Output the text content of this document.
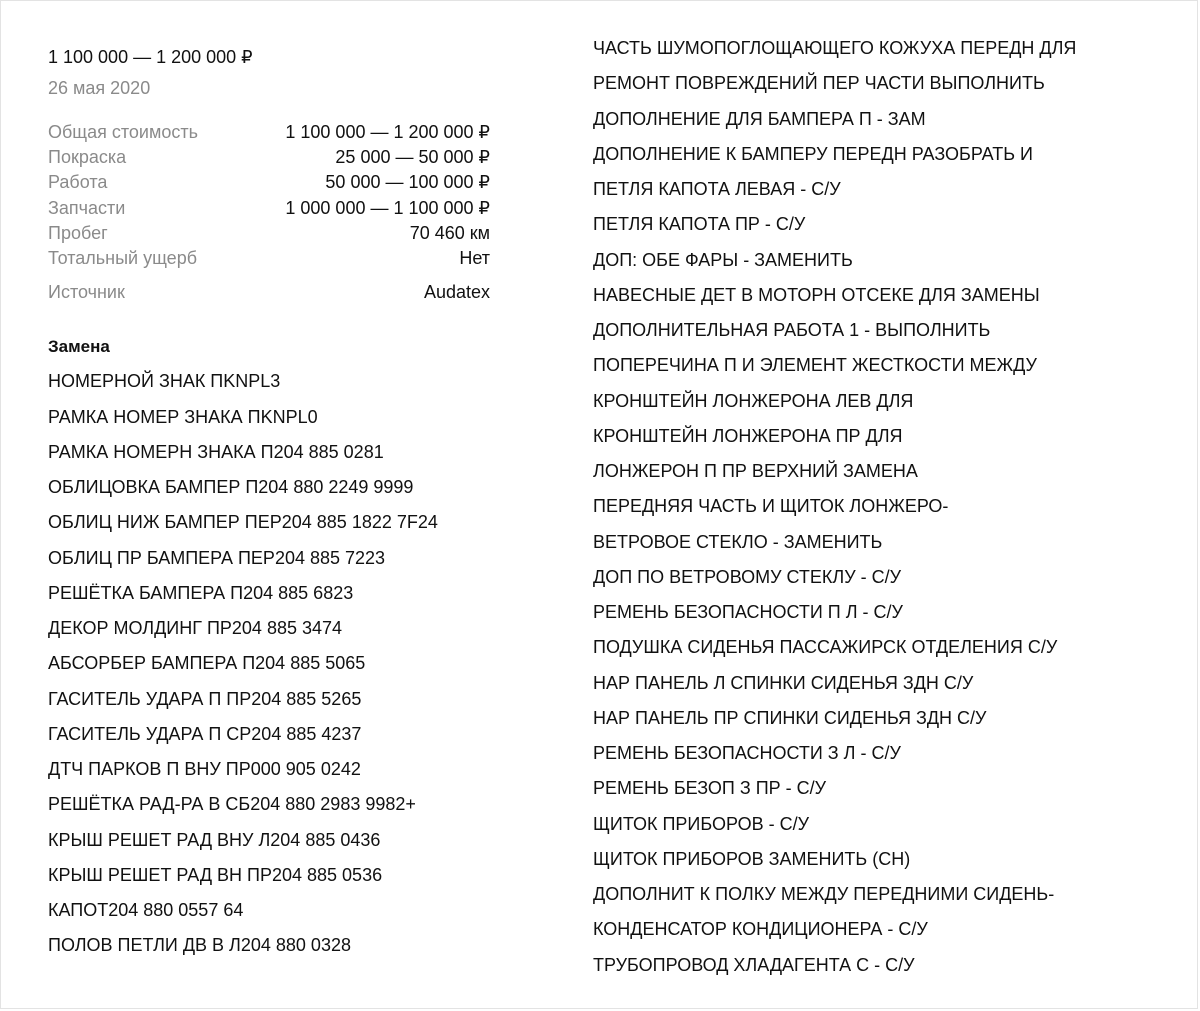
1 100 000 — 1 200 000 ₽
26 мая 2020
Общая стоимость	1 100 000 — 1 200 000 ₽
Покраска	25 000 — 50 000 ₽
Работа	50 000 — 100 000 ₽
Запчасти	1 000 000 — 1 100 000 ₽
Пробег	70 460 км
Тотальный ущерб	Нет
Источник	Audatex
Замена
НОМЕРНОЙ ЗНАК ПKNPL3
РАМКА НОМЕР ЗНАКА ПKNPL0
РАМКА НОМЕРН ЗНАКА П204 885 0281
ОБЛИЦОВКА БАМПЕР П204 880 2249 9999
ОБЛИЦ НИЖ БАМПЕР ПЕР204 885 1822 7F24
ОБЛИЦ ПР БАМПЕРА ПЕР204 885 7223
РЕШЁТКА БАМПЕРА П204 885 6823
ДЕКОР МОЛДИНГ ПР204 885 3474
АБСОРБЕР БАМПЕРА П204 885 5065
ГАСИТЕЛЬ УДАРА П ПР204 885 5265
ГАСИТЕЛЬ УДАРА П СР204 885 4237
ДТЧ ПАРКОВ П ВНУ ПР000 905 0242
РЕШЁТКА РАД-РА В СБ204 880 2983 9982+
КРЫШ РЕШЕТ РАД ВНУ Л204 885 0436
КРЫШ РЕШЕТ РАД ВН ПР204 885 0536
КАПОТ204 880 0557 64
ПОЛОВ ПЕТЛИ ДВ В Л204 880 0328
ЧАСТЬ ШУМОПОГЛОЩАЮЩЕГО КОЖУХА ПЕРЕДН ДЛЯ
РЕМОНТ ПОВРЕЖДЕНИЙ ПЕР ЧАСТИ ВЫПОЛНИТЬ
ДОПОЛНЕНИЕ ДЛЯ БАМПЕРА П - ЗАМ
ДОПОЛНЕНИЕ К БАМПЕРУ ПЕРЕДН РАЗОБРАТЬ И
ПЕТЛЯ КАПОТА ЛЕВАЯ - С/У
ПЕТЛЯ КАПОТА ПР - С/У
ДОП: ОБЕ ФАРЫ - ЗАМЕНИТЬ
НАВЕСНЫЕ ДЕТ В МОТОРН ОТСЕКЕ ДЛЯ ЗАМЕНЫ
ДОПОЛНИТЕЛЬНАЯ РАБОТА 1 - ВЫПОЛНИТЬ
ПОПЕРЕЧИНА П И ЭЛЕМЕНТ ЖЕСТКОСТИ МЕЖДУ
КРОНШТЕЙН ЛОНЖЕРОНА ЛЕВ ДЛЯ
КРОНШТЕЙН ЛОНЖЕРОНА ПР ДЛЯ
ЛОНЖЕРОН П ПР ВЕРХНИЙ ЗАМЕНА
ПЕРЕДНЯЯ ЧАСТЬ И ЩИТОК ЛОНЖЕРО-
ВЕТРОВОЕ СТЕКЛО - ЗАМЕНИТЬ
ДОП ПО ВЕТРОВОМУ СТЕКЛУ - С/У
РЕМЕНЬ БЕЗОПАСНОСТИ П Л - С/У
ПОДУШКА СИДЕНЬЯ ПАССАЖИРСК ОТДЕЛЕНИЯ С/У
НАР ПАНЕЛЬ Л СПИНКИ СИДЕНЬЯ ЗДН С/У
НАР ПАНЕЛЬ ПР СПИНКИ СИДЕНЬЯ ЗДН С/У
РЕМЕНЬ БЕЗОПАСНОСТИ З Л - С/У
РЕМЕНЬ БЕЗОП З ПР - С/У
ЩИТОК ПРИБОРОВ - С/У
ЩИТОК ПРИБОРОВ ЗАМЕНИТЬ (СН)
ДОПОЛНИТ К ПОЛКУ МЕЖДУ ПЕРЕДНИМИ СИДЕНЬ-
КОНДЕНСАТОР КОНДИЦИОНЕРА - С/У
ТРУБОПРОВОД ХЛАДАГЕНТА С - С/У
